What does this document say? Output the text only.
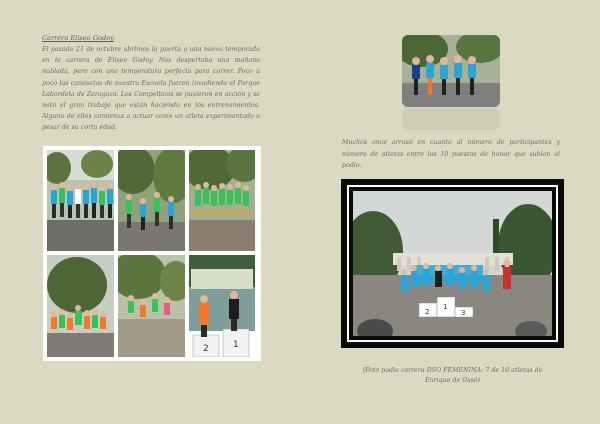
Carrera Eliseo Godoy
El pasado 21 de octubre abrimos la puerta a una nueva temporada en la carrera de Eliseo Godoy. Nos despertaba una mañana nublada, pero con una temperatura perfecta para correr. Poco a poco las camisetas de nuestra Escuela fueron invadiendo el Parque Labordeta de Zaragoza. Los Compelticos se pusieron en acción y se notó el gran trabajo que están haciendo en los entrenamientos. Alguno de ellos comienza a actuar como un atleta experimentado a pesar de su corta edad.
2	1
Muchos once arrasó en cuanto al número de participantes y número de atletas entre los 10 puestos de honor que subían al podio.
2
1
3
(Foto podio carrera DSO FEMENINA: 7 de 10 atletas de Enrique de Ossó)
